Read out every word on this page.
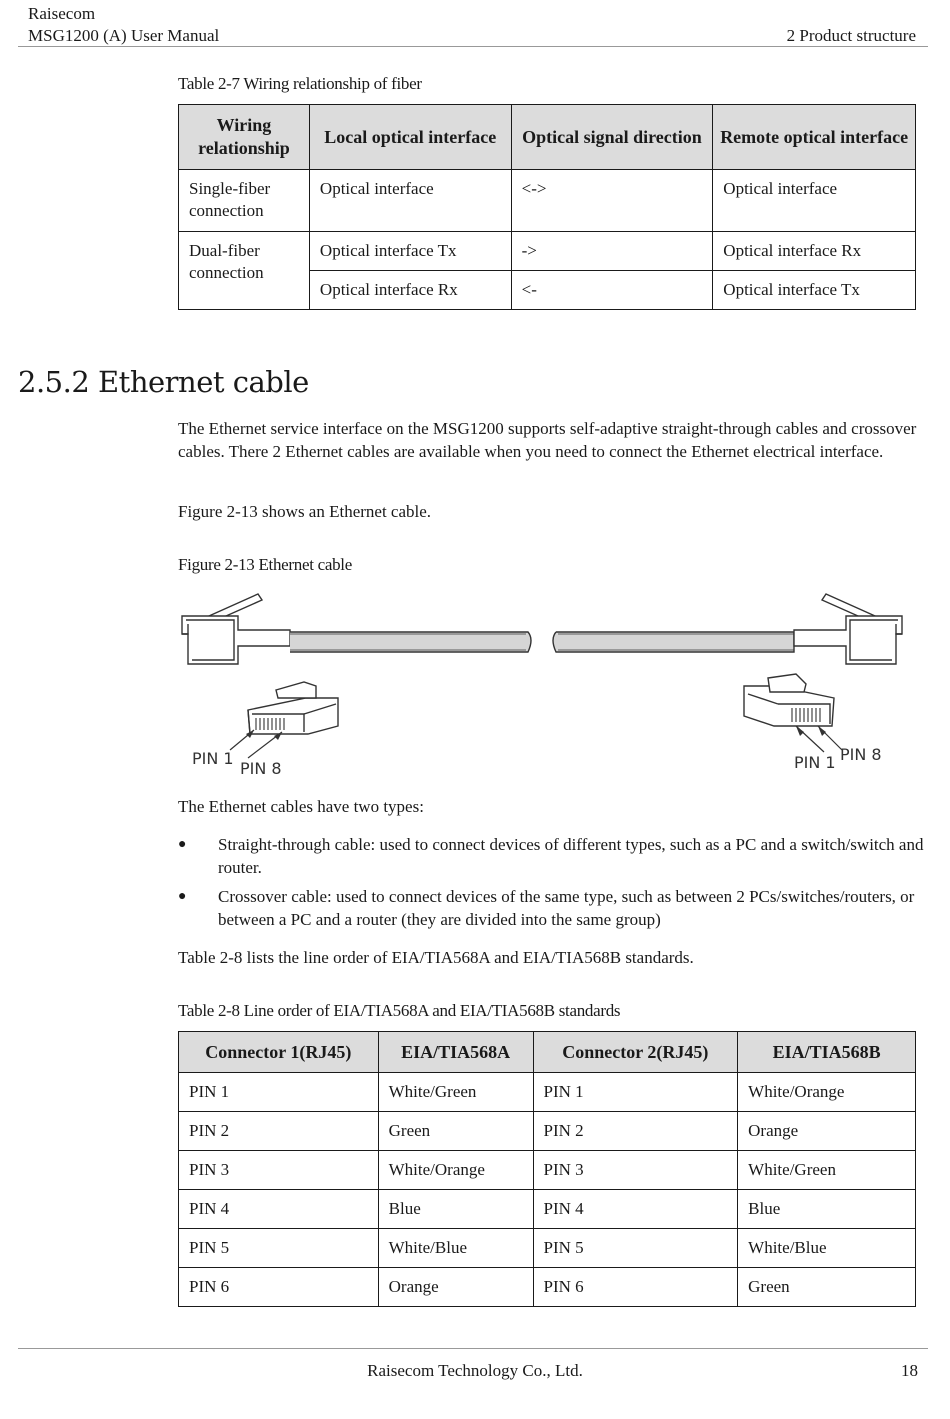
Raisecom
MSG1200 (A) User Manual	2 Product structure
Table 2-7 Wiring relationship of fiber
Wiring relationship	Local optical interface	Optical signal direction	Remote optical interface
Single-fiber connection	Optical interface	<->	Optical interface
Dual-fiber connection	Optical interface Tx	->	Optical interface Rx
	Optical interface Rx	<-	Optical interface Tx
2.5.2 Ethernet cable
The Ethernet service interface on the MSG1200 supports self-adaptive straight-through cables and crossover cables. There 2 Ethernet cables are available when you need to connect the Ethernet electrical interface.
Figure 2-13 shows an Ethernet cable.
Figure 2-13 Ethernet cable
PIN 1
PIN 8	PIN 1 PIN 8
The Ethernet cables have two types:
● Straight-through cable: used to connect devices of different types, such as a PC and a switch/switch and router.
● Crossover cable: used to connect devices of the same type, such as between 2 PCs/switches/routers, or between a PC and a router (they are divided into the same group)
Table 2-8 lists the line order of EIA/TIA568A and EIA/TIA568B standards.
Table 2-8 Line order of EIA/TIA568A and EIA/TIA568B standards
Connector 1(RJ45)	EIA/TIA568A	Connector 2(RJ45)	EIA/TIA568B
PIN 1	White/Green	PIN 1	White/Orange
PIN 2	Green	PIN 2	Orange
PIN 3	White/Orange	PIN 3	White/Green
PIN 4	Blue	PIN 4	Blue
PIN 5	White/Blue	PIN 5	White/Blue
PIN 6	Orange	PIN 6	Green
Raisecom Technology Co., Ltd.	18
